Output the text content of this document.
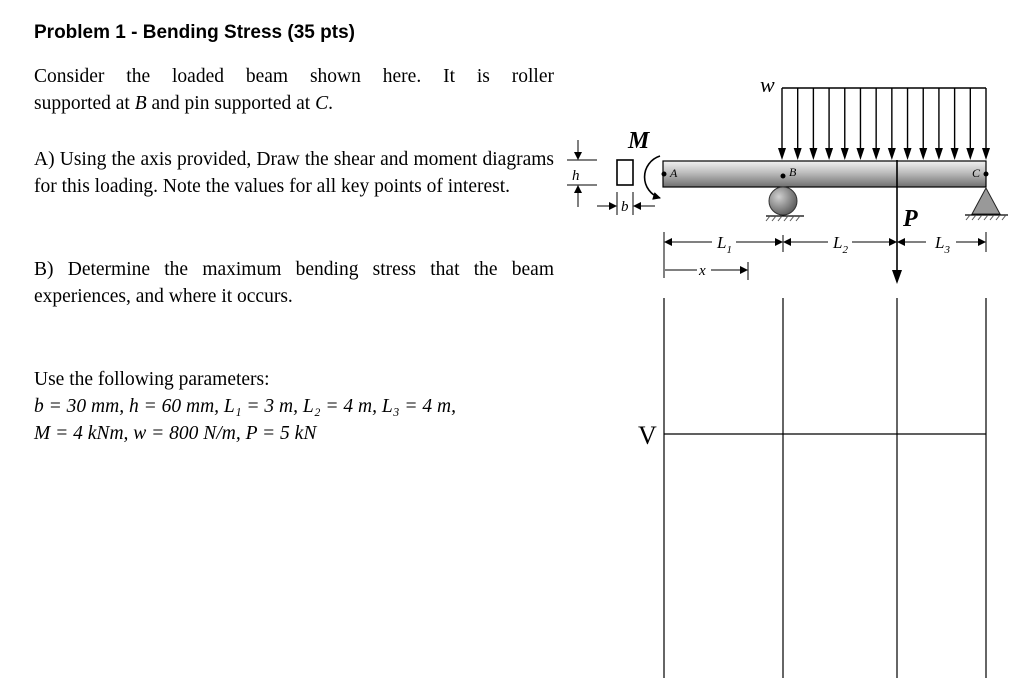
Problem 1 - Bending Stress (35 pts)

Consider the loaded beam shown here. It is roller

supported at B and pin supported at C.

A) Using the axis provided, Draw the shear and moment diagrams for this loading. Note the values for all key points of interest.
B) Determine the maximum bending stress that the beam experiences, and where it occurs.

Use the following parameters:

b = 30 mm, h = 60 mm, L₁ = 3 m, L₂ = 4 m, L₃ = 4 m,

M = 4 kNm, w = 800 N/m, P = 5 kN

w
A	B	C
M
P
h
b
$L_1$	$L_2$	$L_3$
x
V
